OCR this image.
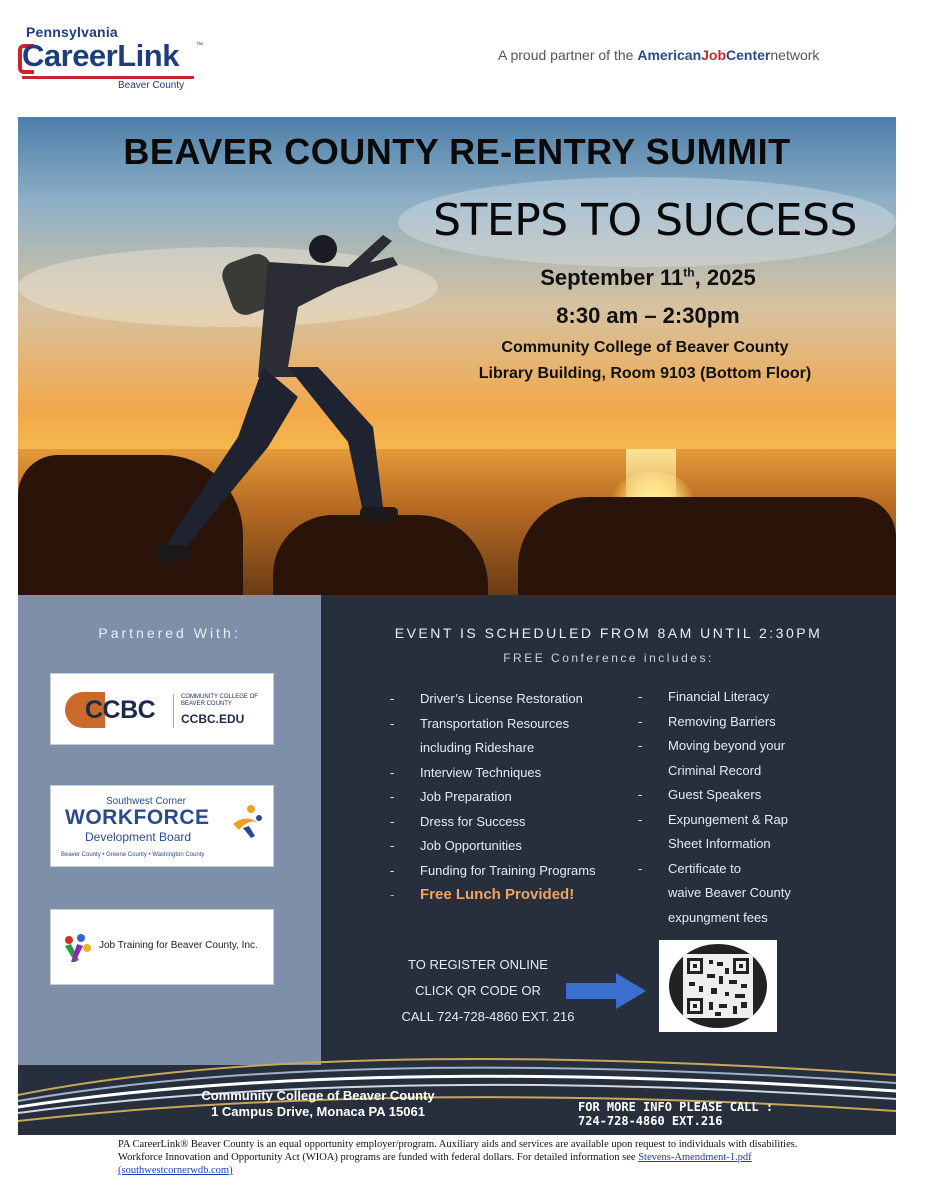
Pennsylvania
CareerLink ™
Beaver County
A proud partner of the AmericanJobCenternetwork
BEAVER COUNTY RE-ENTRY SUMMIT
STEPS TO SUCCESS
September 11th, 2025
8:30 am – 2:30pm
Community College of Beaver County
Library Building, Room 9103 (Bottom Floor)
Partnered With:
CCBC	COMMUNITY COLLEGE OF BEAVER COUNTY
CCBC.EDU
Southwest Corner
WORKFORCE
Development Board
Beaver County • Greene County • Washington County
Job Training for Beaver County, Inc.
EVENT IS SCHEDULED FROM 8AM UNTIL 2:30PM
FREE Conference includes:
- Driver’s License Restoration
- Transportation Resources
including Rideshare
- Interview Techniques
- Job Preparation
- Dress for Success
- Job Opportunities
- Funding for Training Programs
- Free Lunch Provided!
- Financial Literacy
- Removing Barriers
- Moving beyond your
Criminal Record
- Guest Speakers
- Expungement & Rap
Sheet Information
- Certificate to
waive Beaver County
expungment fees
TO REGISTER ONLINE
CLICK QR CODE OR
CALL 724-728-4860 EXT. 216
Community College of Beaver County
1 Campus Drive, Monaca PA 15061	FOR MORE INFO PLEASE CALL :
724-728-4860 EXT.216
PA CareerLink® Beaver County is an equal opportunity employer/program. Auxiliary aids and services are available upon request to individuals with disabilities. Workforce Innovation and Opportunity Act (WIOA) programs are funded with federal dollars. For detailed information see Stevens-Amendment-1.pdf (southwestcornerwdb.com)
